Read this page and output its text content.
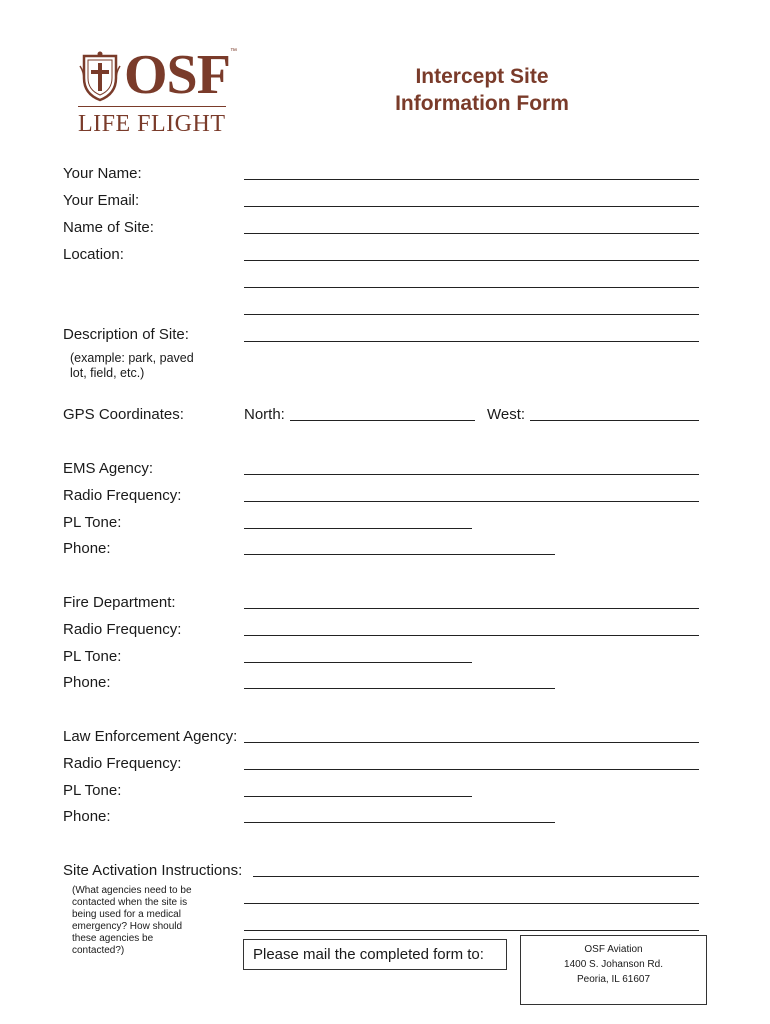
OSF ™
LIFE FLIGHT
Intercept Site
Information Form
Your Name:
Your Email:
Name of Site:
Location:
Description of Site:
(example: park, paved lot, field, etc.)
GPS Coordinates:	North:	West:
EMS Agency:
Radio Frequency:
PL Tone:
Phone:
Fire Department:
Radio Frequency:
PL Tone:
Phone:
Law Enforcement Agency:
Radio Frequency:
PL Tone:
Phone:
Site Activation Instructions:
(What agencies need to be contacted when the site is being used for a medical emergency? How should these agencies be contacted?)	Please mail the completed form to:	OSF Aviation
1400 S. Johanson Rd.
Peoria, IL 61607
